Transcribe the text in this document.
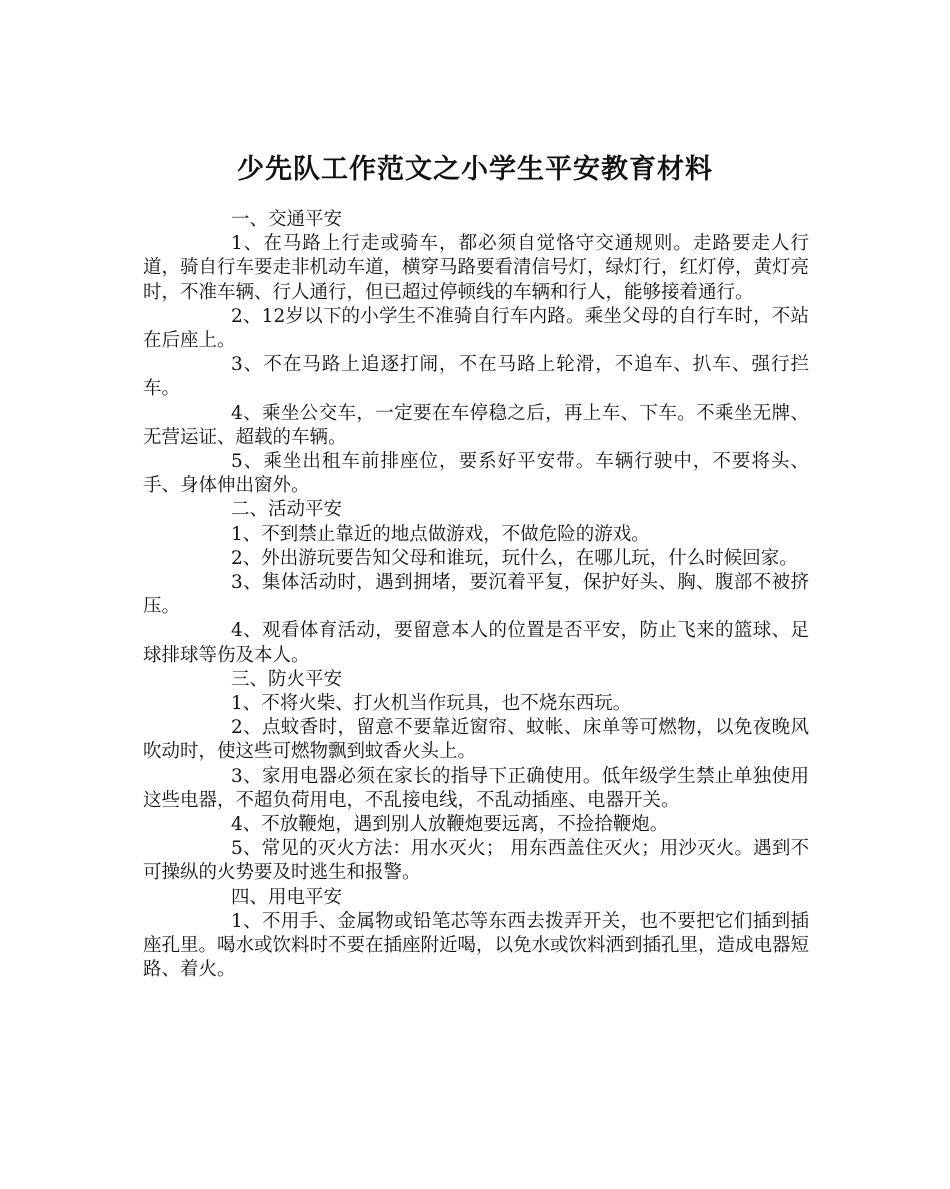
少先队工作范文之小学生平安教育材料

一、交通平安

1、在马路上行走或骑车，都必须自觉恪守交通规则。走路要走人行道，骑自行车要走非机动车道，横穿马路要看清信号灯，绿灯行，红灯停，黄灯亮时，不准车辆、行人通行，但已超过停顿线的车辆和行人，能够接着通行。

2、12岁以下的小学生不准骑自行车内路。乘坐父母的自行车时，不站在后座上。

3、不在马路上追逐打闹，不在马路上轮滑，不追车、扒车、强行拦车。

4、乘坐公交车，一定要在车停稳之后，再上车、下车。不乘坐无牌、无营运证、超载的车辆。

5、乘坐出租车前排座位，要系好平安带。车辆行驶中，不要将头、手、身体伸出窗外。

二、活动平安

1、不到禁止靠近的地点做游戏，不做危险的游戏。

2、外出游玩要告知父母和谁玩，玩什么，在哪儿玩，什么时候回家。

3、集体活动时，遇到拥堵，要沉着平复，保护好头、胸、腹部不被挤压。

4、观看体育活动，要留意本人的位置是否平安，防止飞来的篮球、足球排球等伤及本人。

三、防火平安

1、不将火柴、打火机当作玩具，也不烧东西玩。

2、点蚊香时，留意不要靠近窗帘、蚊帐、床单等可燃物，以免夜晚风吹动时，使这些可燃物飘到蚊香火头上。

3、家用电器必须在家长的指导下正确使用。低年级学生禁止单独使用这些电器，不超负荷用电，不乱接电线，不乱动插座、电器开关。

4、不放鞭炮，遇到别人放鞭炮要远离，不捡拾鞭炮。

5、常见的灭火方法：用水灭火； 用东西盖住灭火；用沙灭火。遇到不可操纵的火势要及时逃生和报警。

四、用电平安

1、不用手、金属物或铅笔芯等东西去拨弄开关，也不要把它们插到插座孔里。喝水或饮料时不要在插座附近喝，以免水或饮料洒到插孔里，造成电器短路、着火。
